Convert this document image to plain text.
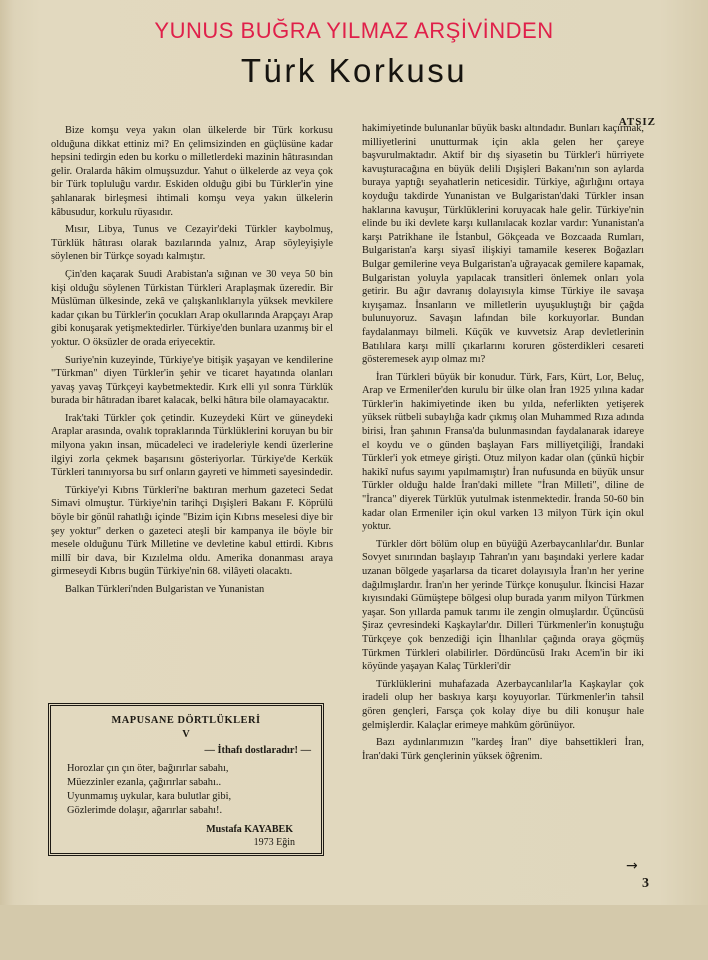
YUNUS BUĞRA YILMAZ ARŞİVİNDEN
Türk Korkusu
ATSIZ

Bize komşu veya yakın olan ülkelerde bir Türk korkusu olduğuna dikkat ettiniz mi? En çelimsizinden en güçlüsüne kadar hepsini tedirgin eden bu korku o milletlerdeki mazinin hâtırasından gelir. Oralarda hâkim olmuşsuzdur. Yahut o ülkelerde az veya çok bir Türk topluluğu vardır. Eskiden olduğu gibi bu Türkler'in yine şahlanarak birleşmesi ihtimali komşu veya yakın ülkelerin kâbusudur, korkulu rüyasıdır.

Mısır, Libya, Tunus ve Cezayir'deki Türkler kaybolmuş, Türklük hâtırası olarak bazılarında yalnız, Arap söyleyişiyle söylenen bir Türkçe soyadı kalmıştır.

Çin'den kaçarak Suudi Arabistan'a sığınan ve 30 veya 50 bin kişi olduğu söylenen Türkistan Türkleri Araplaşmak üzeredir. Bir Müslüman ülkesinde, zekâ ve çalışkanlıklarıyla yüksek mevkilere kadar çıkan bu Türkler'in çocukları Arap okullarında Arapçayı Arap gibi konuşarak yetişmektedirler. Türkiye'den bunlara uzanmış bir el yoktur. O öksüzler de orada eriyecektir.

Suriye'nin kuzeyinde, Türkiye'ye bitişik yaşayan ve kendilerine "Türkman" diyen Türkler'in şehir ve ticaret hayatında olanları yavaş yavaş Türkçeyi kaybetmektedir. Kırk elli yıl sonra Türklük burada bir hâtıradan ibaret kalacak, belki hâtıra bile olamayacaktır.

Irak'taki Türkler çok çetindir. Kuzeydeki Kürt ve güneydeki Araplar arasında, ovalık topraklarında Türklüklerini koruyan bu bir milyona yakın insan, mücadeleci ve iradeleriyle kendi üzerlerine ilgiyi zorla çekmek başarısını gösteriyorlar. Türkiye'de Kerkük Türkleri tanınıyorsa bu sırf onların gayreti ve himmeti sayesindedir.

Türkiye'yi Kıbrıs Türkleri'ne baktıran merhum gazeteci Sedat Simavi olmuştur. Türkiye'nin tarihçi Dışişleri Bakanı F. Köprülü böyle bir gönül rahatlığı içinde "Bizim için Kıbrıs meselesi diye bir şey yoktur" derken o gazeteci ateşli bir kampanya ile böyle bir mesele olduğunu Türk Milletine ve devletine kabul ettirdi. Kıbrıs millî bir dava, bir Kızılelma oldu. Amerika donanması araya girmeseydi Kıbrıs bugün Türkiye'nin 68. vilâyeti olacaktı.

Balkan Türkleri'nden Bulgaristan ve Yunanistan

MAPUSANE DÖRTLÜKLERİ
V
— İthafı dostlaradır! —
Horozlar çın çın öter, bağırırlar sabahı,
Müezzinler ezanla, çağırırlar sabahı..
Uyunmamış uykular, kara bulutlar gibi,
Gözlerimde dolaşır, ağarırlar sabahı!.
Mustafa KAYABEK
1973 Eğin

hakimiyetinde bulunanlar büyük baskı altındadır. Bunları kaçırmak, milliyetlerini unutturmak için akla gelen her çareye başvurulmaktadır. Aktif bir dış siyasetin bu Türkler'i hürriyete kavuşturacağına en büyük delili Dışişleri Bakanı'nın son aylarda buraya yaptığı seyahatlerin neticesidir. Türkiye, ağırlığını ortaya koyduğu takdirde Yunanistan ve Bulgaristan'daki Türkler insan haklarına kavuşur, Türklüklerini koruyacak hale gelir. Türkiye'nin elinde bu iki devlete karşı kullanılacak kozlar vardır: Yunanistan'a karşı Patrikhane ile İstanbul, Gökçeada ve Bozcaada Rumları, Bulgaristan'a karşı siyasî ilişkiyi tamamile kesereк Boğazları Bulgar gemilerine veya Bulgaristan'a uğrayacak gemilere kapamak, Bulgaristan yoluyla yapılacak transitleri önlemek onları yola getirir. Bu ağır davranış dolayısıyla kimse Türkiye ile savaşa kıyışamaz. İnsanların ve milletlerin uyuşukluştığı bir çağda bulunuyoruz. Savaşın lafından bile korkuyorlar. Bundan faydalanmayı bilmeli. Küçük ve kuvvetsiz Arap devletlerinin Batılılara karşı millî çıkarlarını koruren gösterdikleri cesareti gösteremesek ayıp olmaz mı?

İran Türkleri büyük bir konudur. Türk, Fars, Kürt, Lor, Beluç, Arap ve Ermeniler'den kurulu bir ülke olan İran 1925 yılına kadar Türkler'in hakimiyetinde iken bu yılda, neferlikten yetişerek yüksek rütbeli subaylığa kadr çıkmış olan Muhammed Rıza adında birisi, İran şahının Fransa'da bulunmasından faydalanarak idareye el koydu ve o günden başlayan Fars milliyetçiliği, İrandaki Türkler'i yok etmeye girişti. Otuz milyon kadar olan (çünkü hiçbir hakikî nufus sayımı yapılmamıştır) İran nufusunda en büyük unsur Türkler olduğu halde İran'daki millete "İran Milleti", diline de "İranca" diyerek Türklük yutulmak istenmektedir. İranda 50-60 bin kadar olan Ermeniler için okul varken 13 milyon Türk için okul yoktur.

Türkler dört bölüm olup en büyüğü Azerbaycanlılar'dır. Bunlar Sovyet sınırından başlayıp Tahran'ın yanı başındaki yerlere kadar uzanan bölgede yaşarlarsa da ticaret dolayısıyla İran'ın her yerine dağılmışlardır. İran'ın her yerinde Türkçe konuşulur. İkincisi Hazar kıyısındaki Gümüştepe bölgesi olup burada yarım milyon Türkmen yaşar. Son yıllarda pamuk tarımı ile zengin olmuşlardır. Üçüncüsü Şiraz çevresindeki Kaşkaylar'dır. Dilleri Türkmenler'in konuştuğu Türkçeye çok benzediği için İlhanlılar çağında oraya göçmüş Türkmen Türkleri olabilirler. Dördüncüsü Irakı Acem'in bir iki köyünde yaşayan Kalaç Türkleri'dir

Türklüklerini muhafazada Azerbaycanlılar'la Kaşkaylar çok iradeli olup her baskıya karşı koyuyorlar. Türkmenler'in tahsil gören gençleri, Farsça çok kolay diye bu dili konuşur hale gelmişlerdir. Kalaçlar erimeye mahkûm görünüyor.

Bazı aydınlarımızın "kardeş İran" diye bahsettikleri İran, İran'daki Türk gençlerinin yüksek öğrenim.

→
3
